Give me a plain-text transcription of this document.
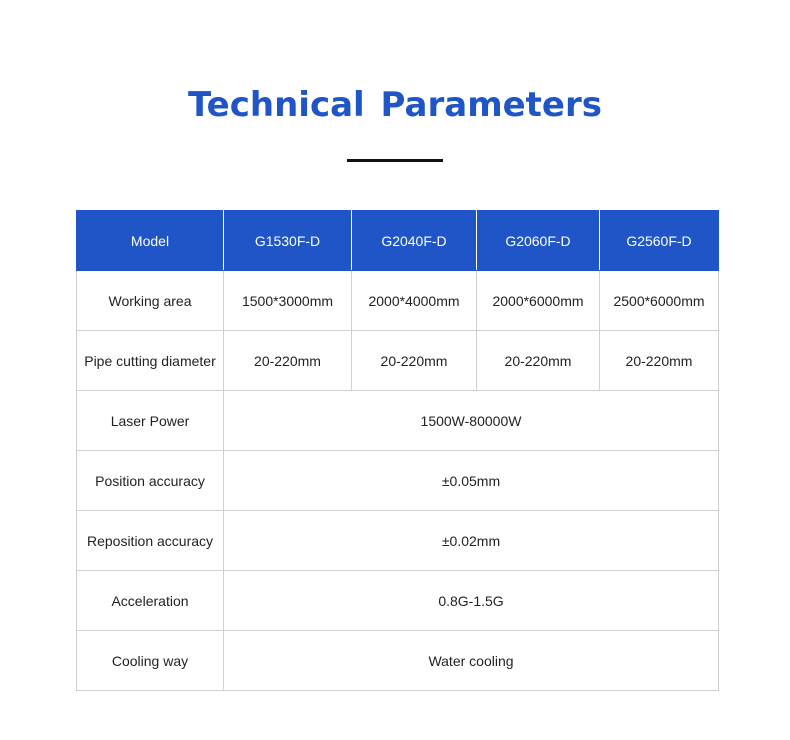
Technical Parameters
Model	G1530F-D	G2040F-D	G2060F-D	G2560F-D
Working area	1500*3000mm	2000*4000mm	2000*6000mm	2500*6000mm
Pipe cutting diameter	20-220mm	20-220mm	20-220mm	20-220mm
Laser Power	1500W-80000W			
Position accuracy	±0.05mm			
Reposition accuracy	±0.02mm			
Acceleration	0.8G-1.5G			
Cooling way	Water cooling			
